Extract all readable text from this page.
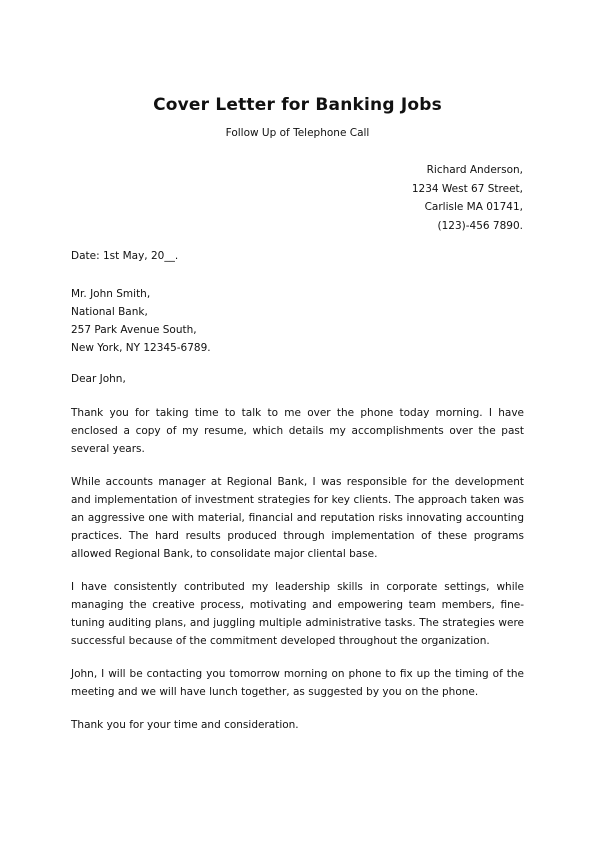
Cover Letter for Banking Jobs
Follow Up of Telephone Call
Richard Anderson,
1234 West 67 Street,
Carlisle MA 01741,
(123)-456 7890.
Date: 1st May, 20__.
Mr. John Smith,
National Bank,
257 Park Avenue South,
New York, NY 12345-6789.
Dear John,

Thank you for taking time to talk to me over the phone today morning. I have enclosed a copy of my resume, which details my accomplishments over the past several years.

While accounts manager at Regional Bank, I was responsible for the development and implementation of investment strategies for key clients. The approach taken was an aggressive one with material, financial and reputation risks innovating accounting practices. The hard results produced through implementation of these programs allowed Regional Bank, to consolidate major cliental base.

I have consistently contributed my leadership skills in corporate settings, while managing the creative process, motivating and empowering team members, fine-tuning auditing plans, and juggling multiple administrative tasks. The strategies were successful because of the commitment developed throughout the organization.

John, I will be contacting you tomorrow morning on phone to fix up the timing of the meeting and we will have lunch together, as suggested by you on the phone.

Thank you for your time and consideration.
